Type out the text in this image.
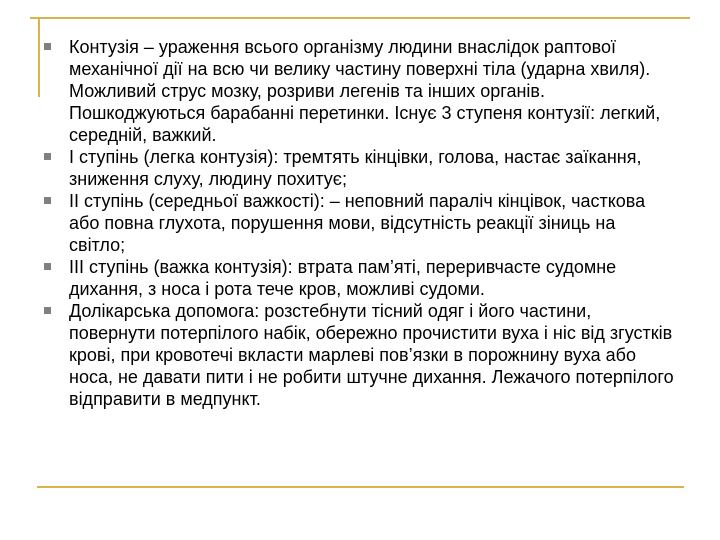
Контузія – ураження всього організму людини внаслідок раптової механічної дії на всю чи велику частину поверхні тіла (ударна хвиля). Можливий струс мозку, розриви легенів та інших органів. Пошкоджуються барабанні перетинки. Існує 3 ступеня контузії: легкий, середній, важкий.
І ступінь (легка контузія): тремтять кінцівки, голова, настає заїкання, зниження слуху, людину похитує;
ІІ ступінь (середньої важкості): – неповний параліч кінцівок, часткова або повна глухота, порушення мови, відсутність реакції зіниць на світло;
ІІІ ступінь (важка контузія): втрата пам’яті, переривчасте судомне дихання, з носа і рота тече кров, можливі судоми.
Долікарська допомога: розстебнути тісний одяг і його частини, повернути потерпілого набік, обережно прочистити вуха і ніс від згустків крові, при кровотечі вкласти марлеві пов’язки в порожнину вуха або носа, не давати пити і не робити штучне дихання. Лежачого потерпілого відправити в медпункт.
